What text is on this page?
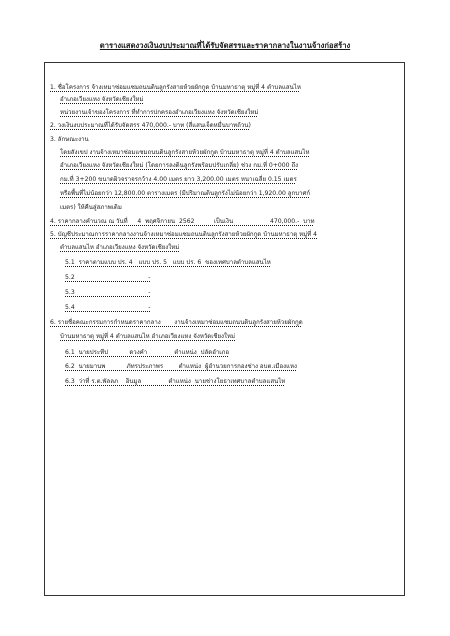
ตารางแสดงวงเงินงบประมาณที่ได้รับจัดสรรและราคากลางในงานจ้างก่อสร้าง
1. ชื่อโครงการ จ้างเหมาซ่อมแซมถนนดินลูกรังสายห้วยผักกูด บ้านมหาธาตุ หมู่ที่ 4 ตำบลแสนไห
อำเภอเวียงแหง จังหวัดเชียงใหม่
หน่วยงานเจ้าของโครงการ ที่ทำการปกครองอำเภอเวียงแหง จังหวัดเชียงใหม่
2. วงเงินงบประมาณที่ได้รับจัดสรร 470,000.- บาท (สี่แสนเจ็ดหมื่นบาทถ้วน)
3. ลักษณะงาน
โดยสังเขป งานจ้างเหมาซ่อมแซมถนนดินลูกรังสายห้วยผักกูด บ้านมหาธาตุ หมู่ที่ 4 ตำบลแสนไห
อำเภอเวียงแหง จังหวัดเชียงใหม่ (โดยการลงดินลูกรังพร้อมปรับเกลี่ย) ช่วง กม.ที่ 0+000 ถึง
กม.ที่ 3+200 ขนาดผิวจราจรกว้าง 4.00 เมตร ยาว 3,200.00 เมตร หนาเฉลี่ย 0.15 เมตร
หรือพื้นที่ไม่น้อยกว่า 12,800.00 ตารางเมตร (มีปริมาณดินลูกรังไม่น้อยกว่า 1,920.00 ลูกบาศก์
เมตร) ให้คืนสู่สภาพเดิม
4. ราคากลางคำนวณ ณ วันที่     4  พฤศจิกายน  2562          เป็นเงิน                   470,000.-  บาท
5. บัญชีประมาณการราคากลางงานจ้างเหมาซ่อมแซมถนนดินลูกรังสายห้วยผักกูด บ้านมหาธาตุ หมู่ที่ 4
ตำบลแสนไห อำเภอเวียงแหง จังหวัดเชียงใหม่
5.1  ราคาตามแบบ ปร. 4   แบบ ปร. 5   แบบ ปร. 6  ของเทศบาลตำบลแสนไห
5.2                                      -
5.3                                      -
5.4                                      -
6. รายชื่อคณะกรรมการกำหนดราคากลาง       งานจ้างเหมาซ่อมแซมถนนดินลูกรังสายห้วยผักกูด
บ้านมหาธาตุ หมู่ที่ 4 ตำบลแสนไห อำเภอเวียงแหง จังหวัดเชียงใหม่
6.1  นายประทีป           ดวงคำ              ตำแหน่ง  ปลัดอำเภอ
6.2  นายมานพ           ภัทรประภาพร        ตำแหน่ง  ผู้อำนวยการกองช่าง อบต.เมืองแหง
6.3  ว่าที่ ร.ต.พัลลภ    อินมูล              ตำแหน่ง  นายช่างโยธาเทศบาลตำบลแสนไห
